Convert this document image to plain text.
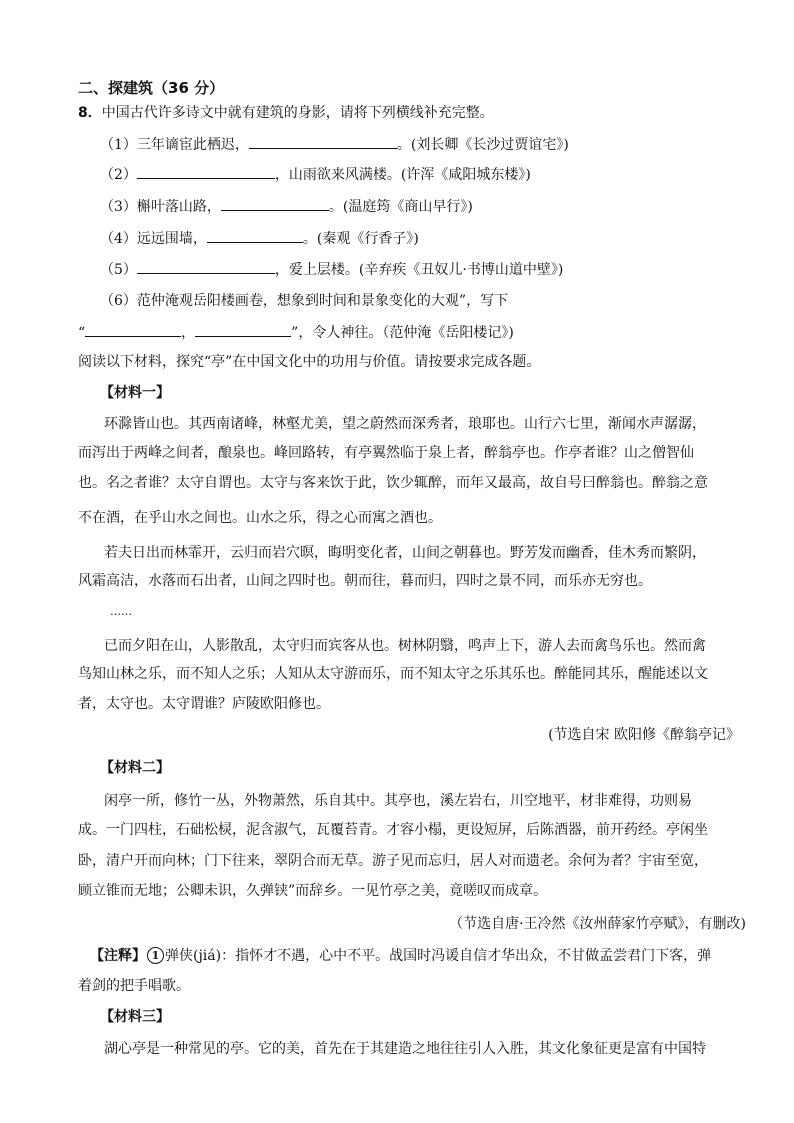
二、探建筑（36 分）
8．中国古代许多诗文中就有建筑的身影，请将下列横线补充完整。
（1）三年谪宦此栖迟，	。(刘长卿《长沙过贾谊宅》)
（2）	，山雨欲来风满楼。(许浑《咸阳城东楼》)
（3）槲叶落山路，	。(温庭筠《商山早行》)
（4）远远围墙，	。(秦观《行香子》)
（5）	，爱上层楼。(辛弃疾《丑奴儿·书博山道中壁》)
（6）范仲淹观岳阳楼画卷，想象到时间和景象变化的大观”，写下
“	，	”，令人神往。（范仲淹《岳阳楼记》)
阅读以下材料，探究“亭”在中国文化中的功用与价值。请按要求完成各题。
【材料一】
环滁皆山也。其西南诸峰，林壑尤美，望之蔚然而深秀者，琅耶也。山行六七里，渐闻水声潺潺，
而泻出于两峰之间者，酿泉也。峰回路转，有亭翼然临于泉上者，醉翁亭也。作亭者谁？山之僧智仙
也。名之者谁？太守自谓也。太守与客来饮于此，饮少辄醉，而年又最高，故自号曰醉翁也。醉翁之意
不在酒，在乎山水之间也。山水之乐，得之心而寓之酒也。
若夫日出而林霏开，云归而岩穴暝，晦明变化者，山间之朝暮也。野芳发而幽香，佳木秀而繁阴，
风霜高洁，水落而石出者，山间之四时也。朝而往，暮而归，四时之景不同，而乐亦无穷也。
……
已而夕阳在山，人影散乱，太守归而宾客从也。树林阴翳，鸣声上下，游人去而禽鸟乐也。然而禽
鸟知山林之乐，而不知人之乐；人知从太守游而乐，而不知太守之乐其乐也。醉能同其乐，醒能述以文
者，太守也。太守谓谁？庐陵欧阳修也。
(节选自宋 欧阳修《醉翁亭记》
【材料二】
闲亭一所，修竹一丛，外物萧然，乐自其中。其亭也，溪左岩右，川空地平，材非难得，功则易
成。一门四柱，石础松棂，泥含淑气，瓦覆苔青。才容小榻，更设短屏，后陈酒器，前开药经。亭闲坐
卧，清户开而向林；门下往来，翠阴合而无草。游子见而忘归，居人对而遗老。余何为者？宇宙至宽，
顾立锥而无地；公卿未识，久弹铗”而辞乡。一见竹亭之美，竟嗟叹而成章。
（节选自唐·王冷然《汝州薛家竹亭赋》，有删改)
【注释】 1 弹侠(jiá)：指怀才不遇，心中不平。战国时冯谖自信才华出众，不甘做孟尝君门下客，弹
着剑的把手唱歌。
【材料三】
湖心亭是一种常见的亭。它的美，首先在于其建造之地往往引人入胜，其文化象征更是富有中国特
